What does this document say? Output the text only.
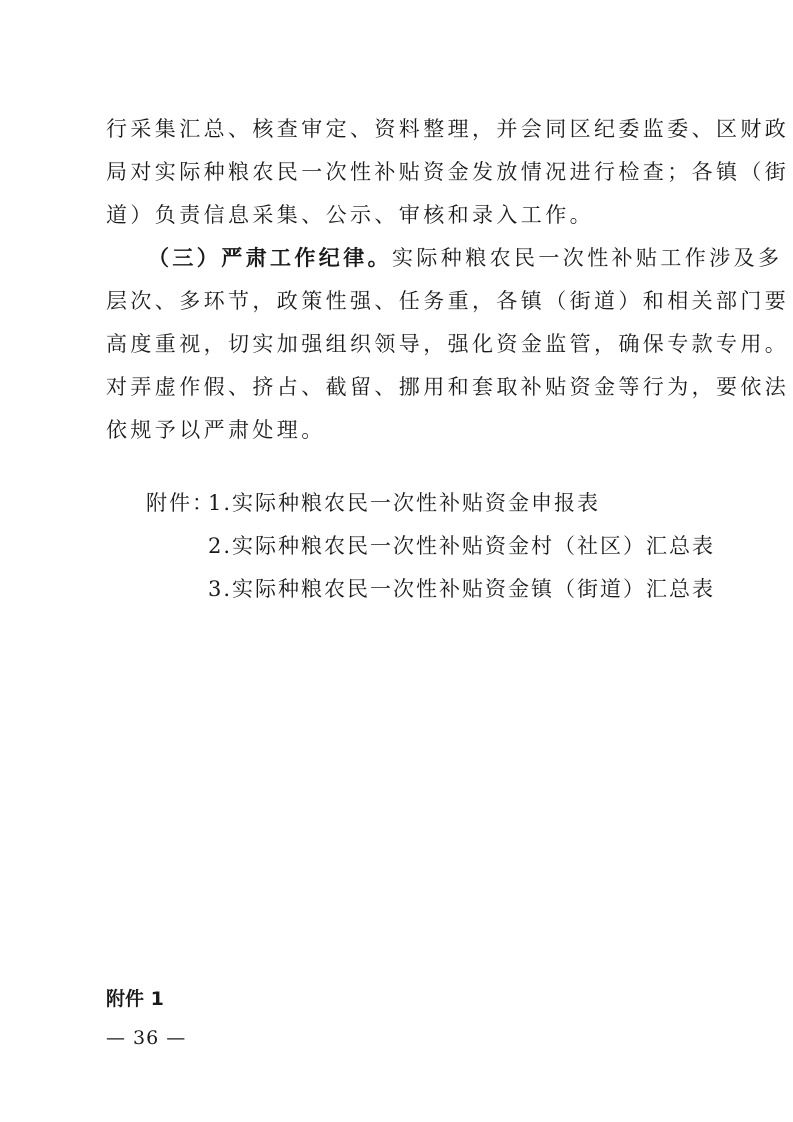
行采集汇总、核查审定、资料整理，并会同区纪委监委、区财政
局对实际种粮农民一次性补贴资金发放情况进行检查；各镇（街
道）负责信息采集、公示、审核和录入工作。
（三）严肃工作纪律。实际种粮农民一次性补贴工作涉及多
层次、多环节，政策性强、任务重，各镇（街道）和相关部门要
高度重视，切实加强组织领导，强化资金监管，确保专款专用。
对弄虚作假、挤占、截留、挪用和套取补贴资金等行为，要依法
依规予以严肃处理。
附件：
1.实际种粮农民一次性补贴资金申报表
2.实际种粮农民一次性补贴资金村（社区）汇总表
3.实际种粮农民一次性补贴资金镇（街道）汇总表
附件 1
— 36 —
